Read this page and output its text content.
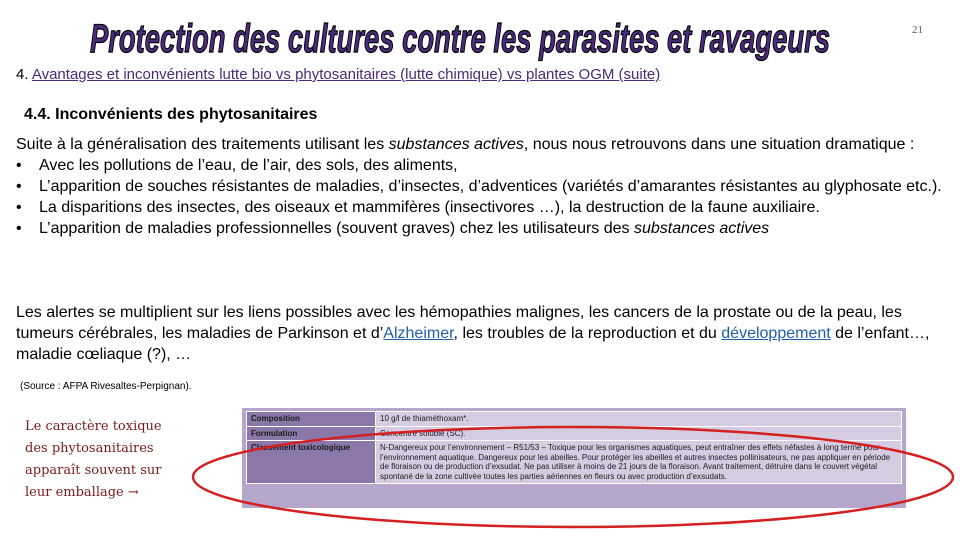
Protection des cultures contre les parasites et ravageurs	21
4. Avantages et inconvénients lutte bio vs phytosanitaires (lutte chimique) vs plantes OGM (suite)
4.4. Inconvénients des phytosanitaires

Suite à la généralisation des traitements utilisant les substances actives, nous nous retrouvons dans une situation dramatique :

• Avec les pollutions de l’eau, de l’air, des sols, des aliments,
• L’apparition de souches résistantes de maladies, d’insectes, d’adventices (variétés d’amarantes résistantes au glyphosate etc.).
• La disparitions des insectes, des oiseaux et mammifères (insectivores …), la destruction de la faune auxiliaire.
• L’apparition de maladies professionnelles (souvent graves) chez les utilisateurs des substances actives

Les alertes se multiplient sur les liens possibles avec les hémopathies malignes, les cancers de la prostate ou de la peau, les tumeurs cérébrales, les maladies de Parkinson et d’Alzheimer, les troubles de la reproduction et du développement de l’enfant…, maladie cœliaque (?), …

(Source : AFPA Rivesaltes-Perpignan).
Le caractère toxique des phytosanitaires apparaît souvent sur leur emballage →
Composition	10 g/l de thiaméthoxam*.
Formulation	Concentré soluble (SC).
Classement toxicologique	N-Dangereux pour l’environnement – R51/53 – Toxique pour les organismes aquatiques, peut entraîner des effets néfastes à long terme pour l’environnement aquatique. Dangereux pour les abeilles. Pour protéger les abeilles et autres insectes pollinisateurs, ne pas appliquer en période de floraison ou de production d’exsudat. Ne pas utiliser à moins de 21 jours de la floraison. Avant traitement, détruire dans le couvert végétal spontané de la zone cultivée toutes les parties aériennes en fleurs ou avec production d’exsudats.
